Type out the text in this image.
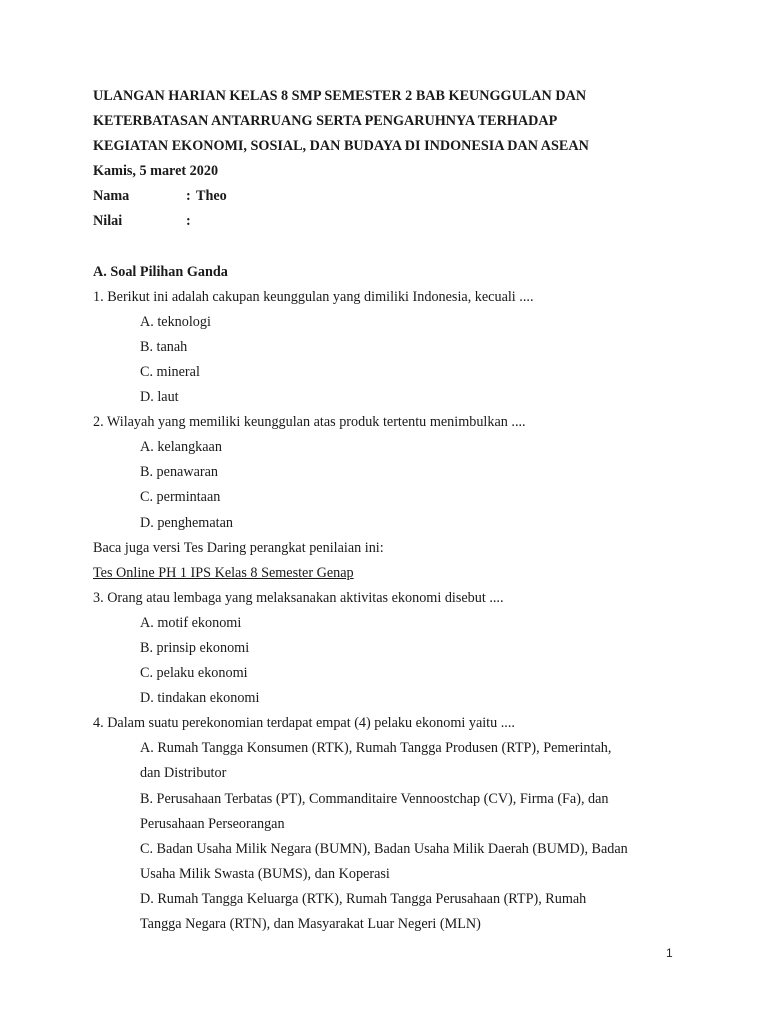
ULANGAN HARIAN KELAS 8 SMP SEMESTER 2 BAB KEUNGGULAN DAN
KETERBATASAN ANTARRUANG SERTA PENGARUHNYA TERHADAP
KEGIATAN EKONOMI, SOSIAL, DAN BUDAYA DI INDONESIA DAN ASEAN
Kamis, 5 maret 2020
Nama	: Theo
Nilai	:
A. Soal Pilihan Ganda
1. Berikut ini adalah cakupan keunggulan yang dimiliki Indonesia, kecuali ....
A. teknologi
B. tanah
C. mineral
D. laut
2. Wilayah yang memiliki keunggulan atas produk tertentu menimbulkan ....
A. kelangkaan
B. penawaran
C. permintaan
D. penghematan
Baca juga versi Tes Daring perangkat penilaian ini:
Tes Online PH 1 IPS Kelas 8 Semester Genap
3. Orang atau lembaga yang melaksanakan aktivitas ekonomi disebut ....
A. motif ekonomi
B. prinsip ekonomi
C. pelaku ekonomi
D. tindakan ekonomi
4. Dalam suatu perekonomian terdapat empat (4) pelaku ekonomi yaitu ....
A. Rumah Tangga Konsumen (RTK), Rumah Tangga Produsen (RTP), Pemerintah,
dan Distributor
B. Perusahaan Terbatas (PT), Commanditaire Vennoostchap (CV), Firma (Fa), dan
Perusahaan Perseorangan
C. Badan Usaha Milik Negara (BUMN), Badan Usaha Milik Daerah (BUMD), Badan
Usaha Milik Swasta (BUMS), dan Koperasi
D. Rumah Tangga Keluarga (RTK), Rumah Tangga Perusahaan (RTP), Rumah
Tangga Negara (RTN), dan Masyarakat Luar Negeri (MLN)
1
